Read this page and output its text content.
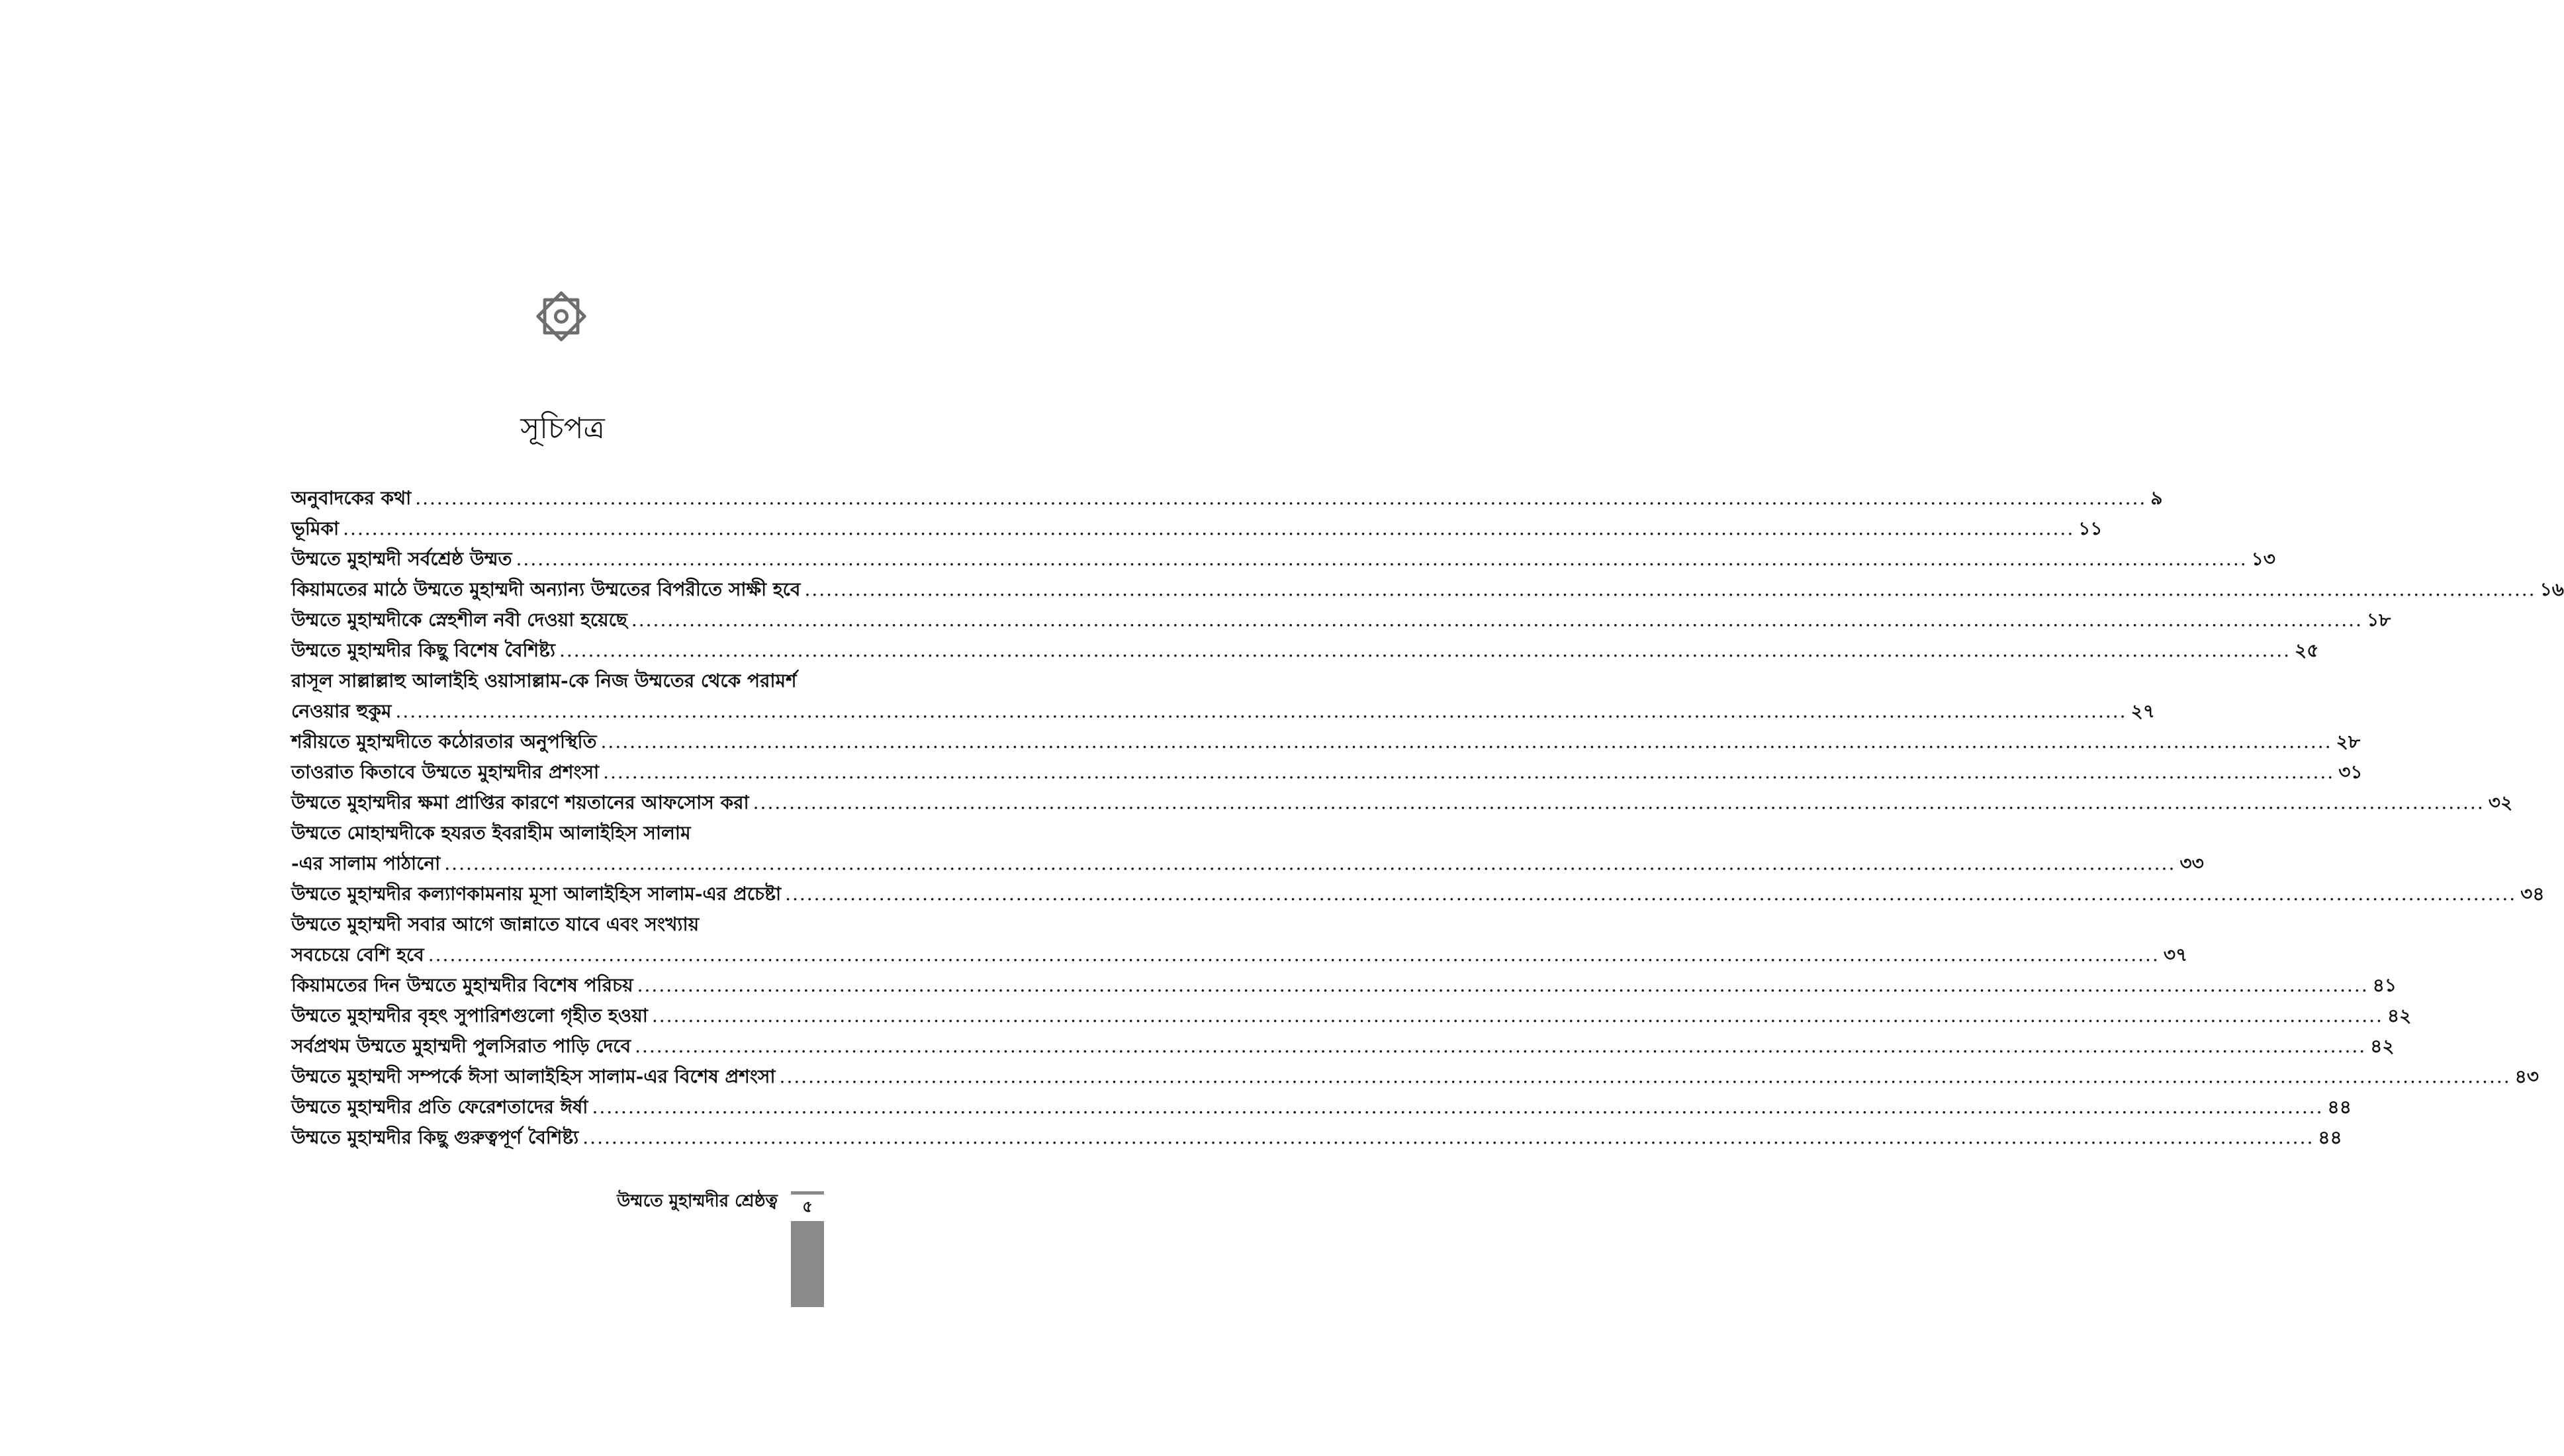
সূচিপত্র
অনুবাদকের কথা .....	৯
ভূমিকা .....	১১
উম্মতে মুহাম্মদী সর্বশ্রেষ্ঠ উম্মত .....	১৩
কিয়ামতের মাঠে উম্মতে মুহাম্মদী অন্যান্য উম্মতের বিপরীতে সাক্ষী হবে .....	১৬
উম্মতে মুহাম্মদীকে স্নেহশীল নবী দেওয়া হয়েছে .....	১৮
উম্মতে মুহাম্মদীর কিছু বিশেষ বৈশিষ্ট্য .....	২৫
রাসূল সাল্লাল্লাহু আলাইহি ওয়াসাল্লাম-কে নিজ উম্মতের থেকে পরামর্শ
নেওয়ার হুকুম .....	২৭
শরীয়তে মুহাম্মদীতে কঠোরতার অনুপস্থিতি .....	২৮
তাওরাত কিতাবে উম্মতে মুহাম্মদীর প্রশংসা .....	৩১
উম্মতে মুহাম্মদীর ক্ষমা প্রাপ্তির কারণে শয়তানের আফসোস করা .....	৩২
উম্মতে মোহাম্মদীকে হযরত ইবরাহীম আলাইহিস সালাম
-এর সালাম পাঠানো .....	৩৩
উম্মতে মুহাম্মদীর কল্যাণকামনায় মূসা আলাইহিস সালাম-এর প্রচেষ্টা .....	৩৪
উম্মতে মুহাম্মদী সবার আগে জান্নাতে যাবে এবং সংখ্যায়
সবচেয়ে বেশি হবে .....	৩৭
কিয়ামতের দিন উম্মতে মুহাম্মদীর বিশেষ পরিচয় .....	৪১
উম্মতে মুহাম্মদীর বৃহৎ সুপারিশগুলো গৃহীত হওয়া .....	৪২
সর্বপ্রথম উম্মতে মুহাম্মদী পুলসিরাত পাড়ি দেবে .....	৪২
উম্মতে মুহাম্মদী সম্পর্কে ঈসা আলাইহিস সালাম-এর বিশেষ প্রশংসা .....	৪৩
উম্মতে মুহাম্মদীর প্রতি ফেরেশতাদের ঈর্ষা .....	৪৪
উম্মতে মুহাম্মদীর কিছু গুরুত্বপূর্ণ বৈশিষ্ট্য .....	৪৪
উম্মতে মুহাম্মদীর শ্রেষ্ঠত্ব	৫
